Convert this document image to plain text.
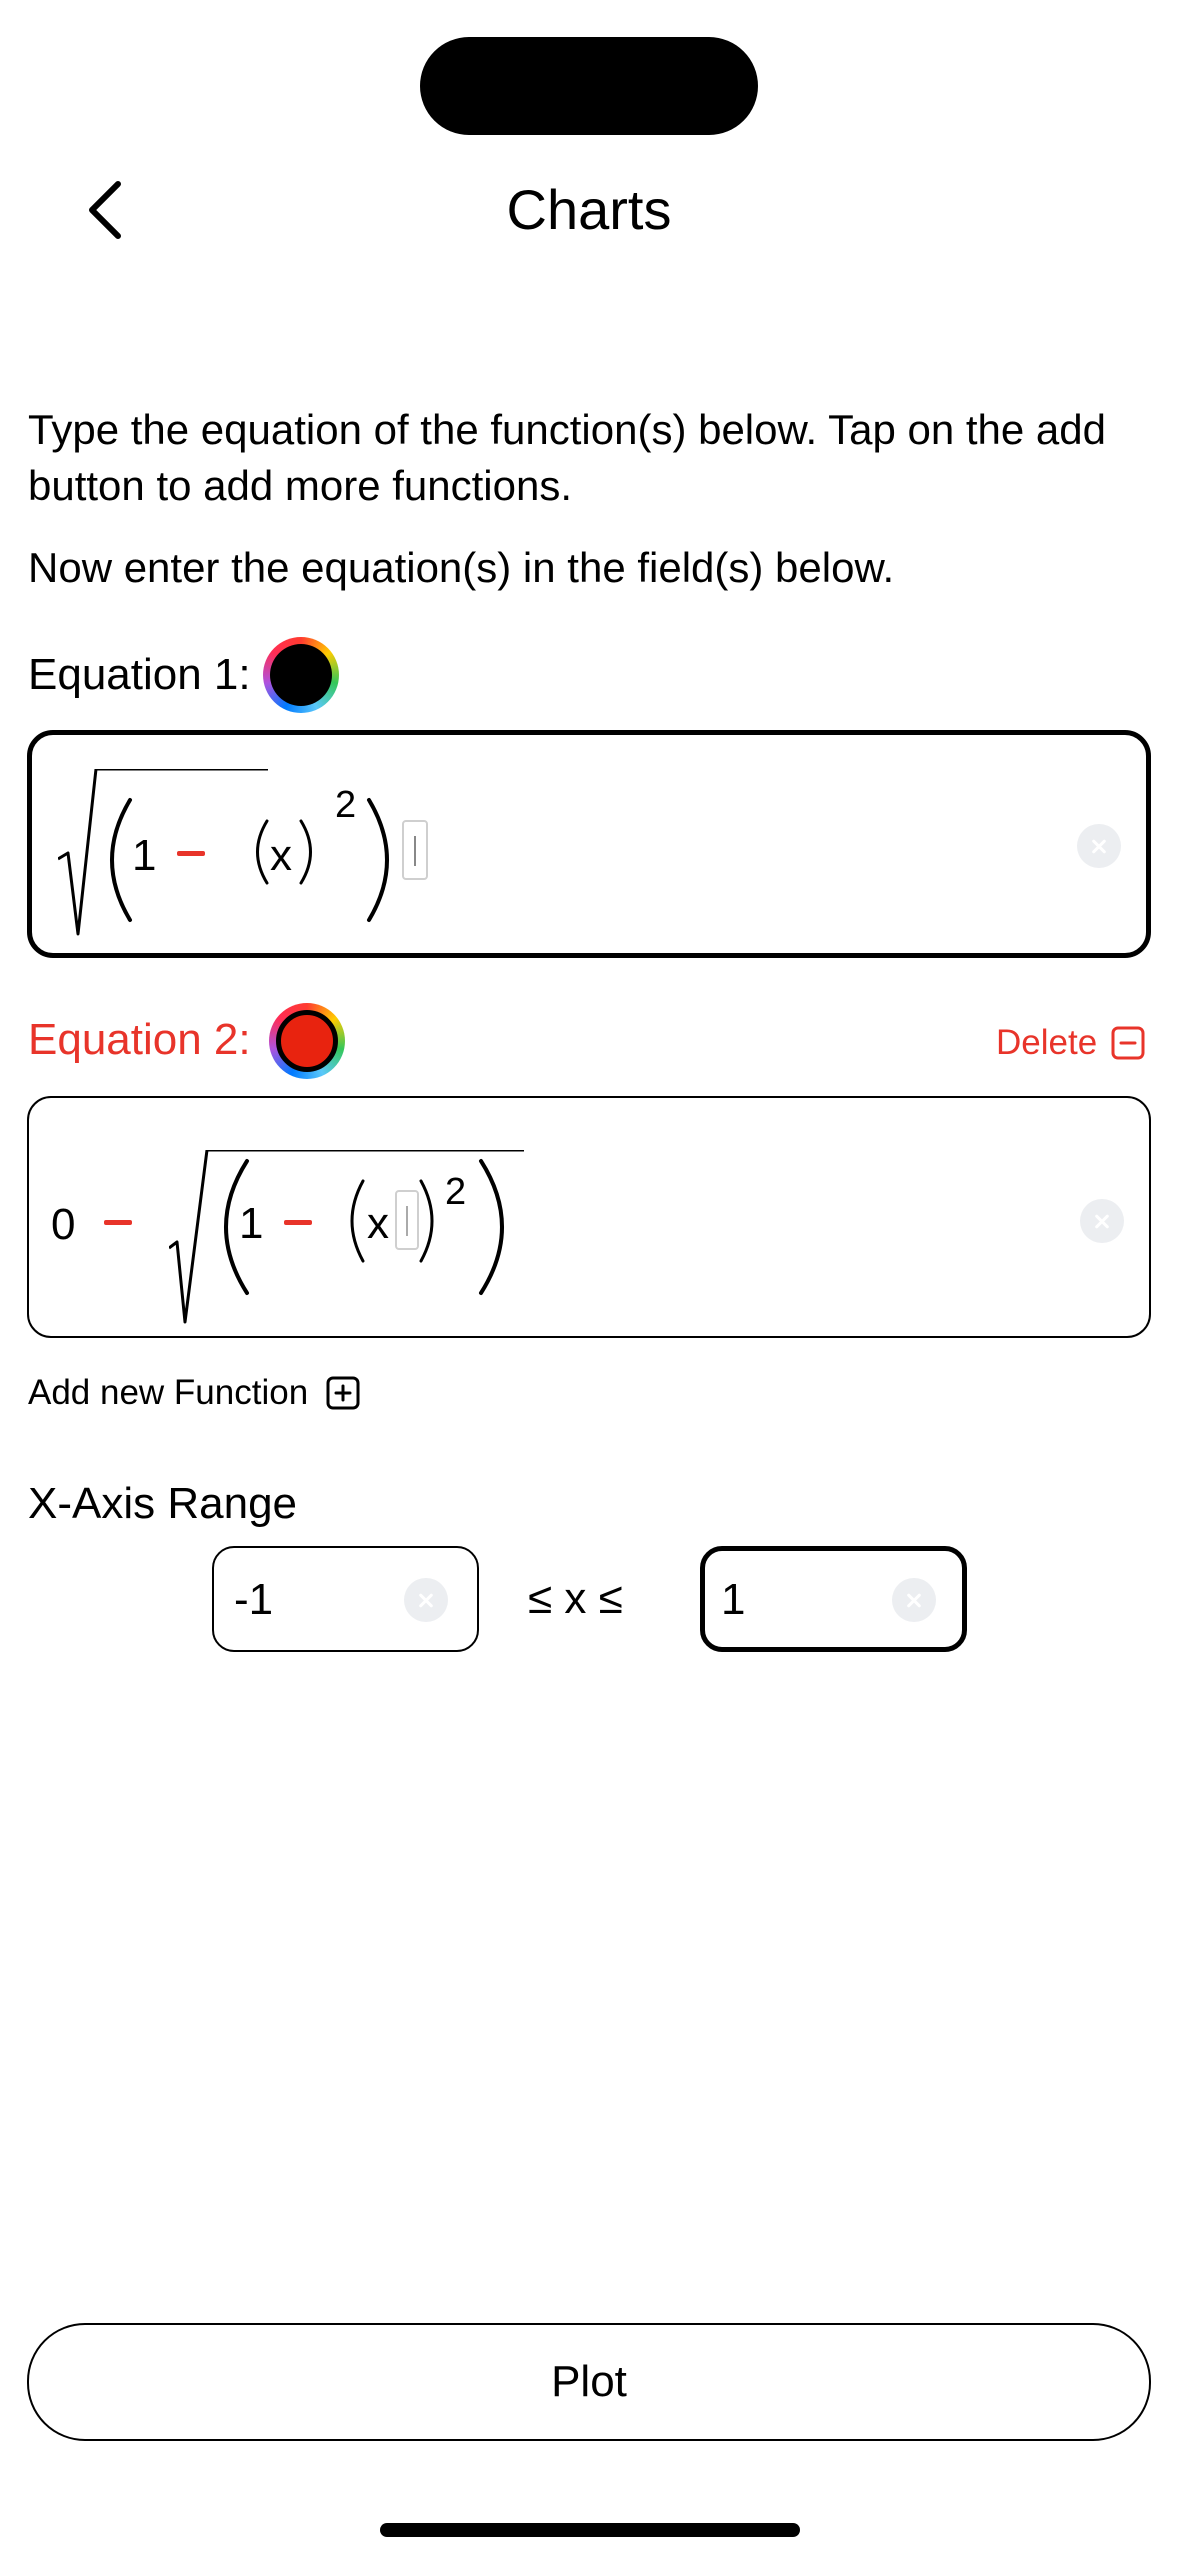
Charts
Type the equation of the function(s) below. Tap on the add button to add more functions.
Now enter the equation(s) in the field(s) below.
Equation 1:
1	x
2
Equation 2:	Delete
0	1 x
2
Add new Function
X-Axis Range
-1	≤ x ≤ 1
Plot
